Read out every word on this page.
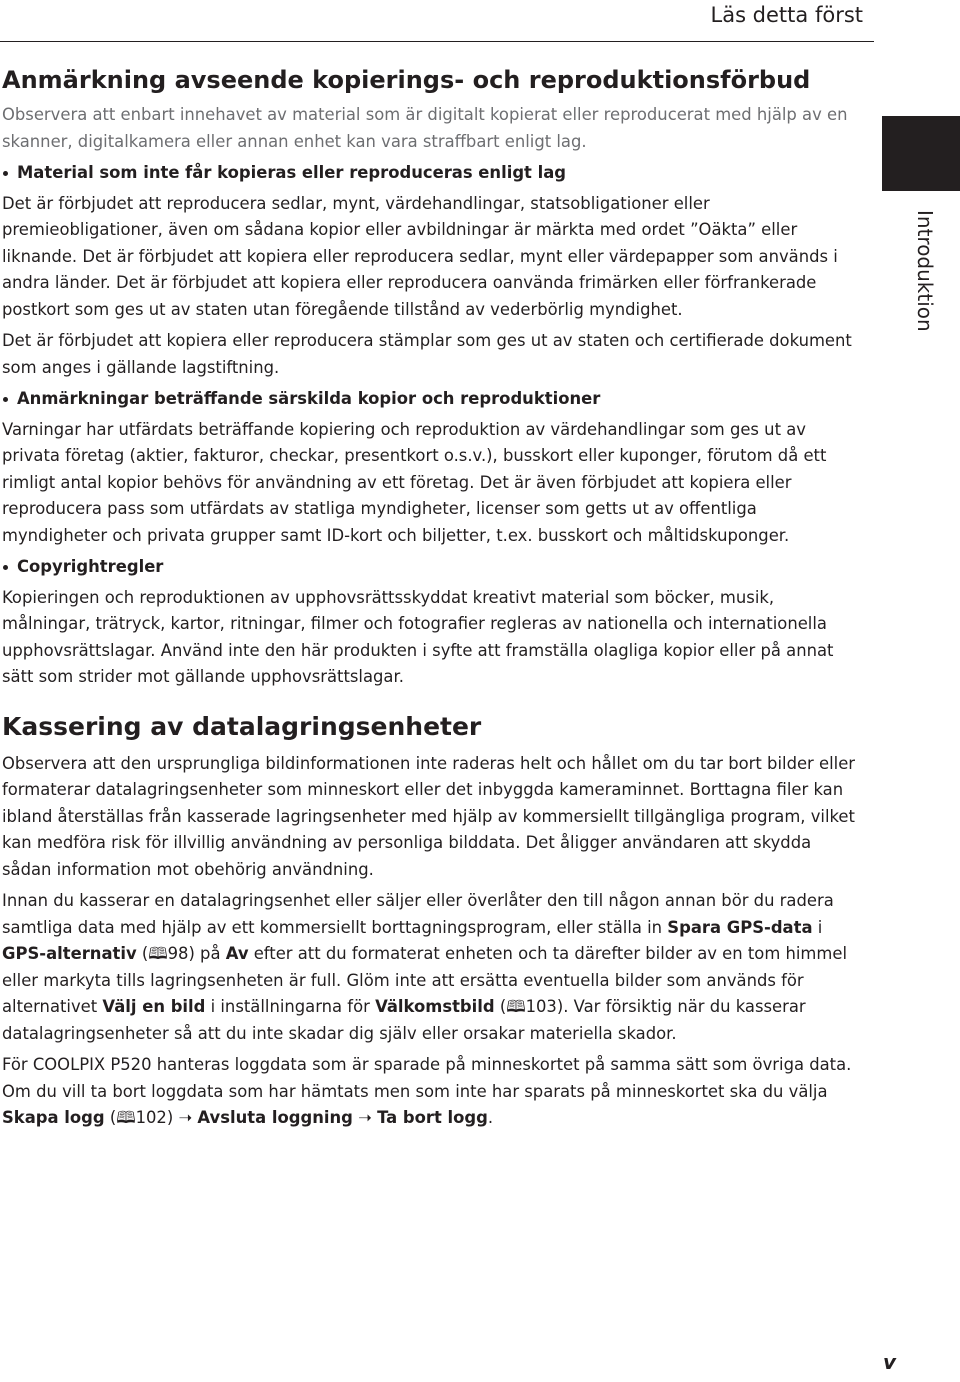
Läs detta först
Introduktion
Anmärkning avseende kopierings- och reproduktionsförbud

Observera att enbart innehavet av material som är digitalt kopierat eller reproducerat med hjälp av en skanner, digitalkamera eller annan enhet kan vara straffbart enligt lag.

Material som inte får kopieras eller reproduceras enligt lag

Det är förbjudet att reproducera sedlar, mynt, värdehandlingar, statsobligationer eller premieobligationer, även om sådana kopior eller avbildningar är märkta med ordet ”Oäkta” eller liknande. Det är förbjudet att kopiera eller reproducera sedlar, mynt eller värdepapper som används i andra länder. Det är förbjudet att kopiera eller reproducera oanvända frimärken eller förfrankerade postkort som ges ut av staten utan föregående tillstånd av vederbörlig myndighet.

Det är förbjudet att kopiera eller reproducera stämplar som ges ut av staten och certifierade dokument som anges i gällande lagstiftning.

Anmärkningar beträffande särskilda kopior och reproduktioner

Varningar har utfärdats beträffande kopiering och reproduktion av värdehandlingar som ges ut av privata företag (aktier, fakturor, checkar, presentkort o.s.v.), busskort eller kuponger, förutom då ett rimligt antal kopior behövs för användning av ett företag. Det är även förbjudet att kopiera eller reproducera pass som utfärdats av statliga myndigheter, licenser som getts ut av offentliga myndigheter och privata grupper samt ID-kort och biljetter, t.ex. busskort och måltidskuponger.

Copyrightregler

Kopieringen och reproduktionen av upphovsrättsskyddat kreativt material som böcker, musik, målningar, trätryck, kartor, ritningar, filmer och fotografier regleras av nationella och internationella upphovsrättslagar. Använd inte den här produkten i syfte att framställa olagliga kopior eller på annat sätt som strider mot gällande upphovsrättslagar.

Kassering av datalagringsenheter

Observera att den ursprungliga bildinformationen inte raderas helt och hållet om du tar bort bilder eller formaterar datalagringsenheter som minneskort eller det inbyggda kameraminnet. Borttagna filer kan ibland återställas från kasserade lagringsenheter med hjälp av kommersiellt tillgängliga program, vilket kan medföra risk för illvillig användning av personliga bilddata. Det åligger användaren att skydda sådan information mot obehörig användning.

Innan du kasserar en datalagringsenhet eller säljer eller överlåter den till någon annan bör du radera samtliga data med hjälp av ett kommersiellt borttagningsprogram, eller ställa in Spara GPS-data i GPS-alternativ (🕮98) på Av efter att du formaterat enheten och ta därefter bilder av en tom himmel eller markyta tills lagringsenheten är full. Glöm inte att ersätta eventuella bilder som används för alternativet Välj en bild i inställningarna för Välkomstbild (🕮103). Var försiktig när du kasserar datalagringsenheter så att du inte skadar dig själv eller orsakar materiella skador.

För COOLPIX P520 hanteras loggdata som är sparade på minneskortet på samma sätt som övriga data. Om du vill ta bort loggdata som har hämtats men som inte har sparats på minneskortet ska du välja Skapa logg (🕮102) ➝ Avsluta loggning ➝ Ta bort logg.

v
